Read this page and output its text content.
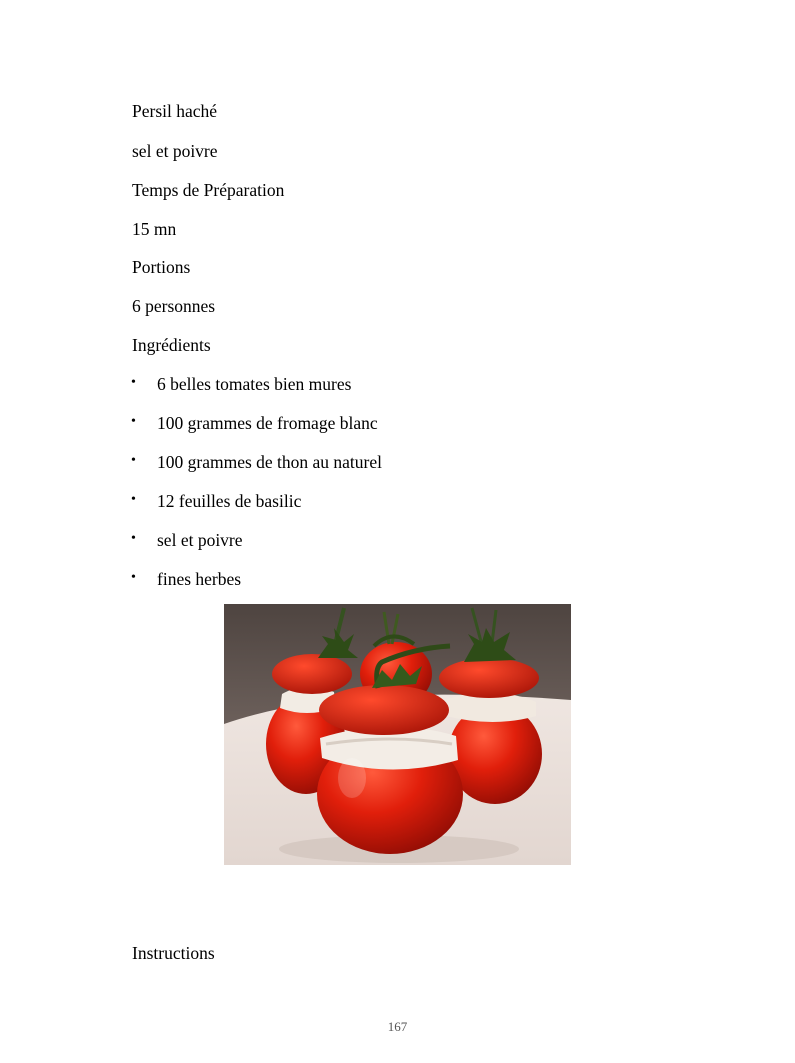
Persil haché
sel et poivre
Temps de Préparation
15 mn
Portions
6 personnes
Ingrédients
• 6 belles tomates bien mures
• 100 grammes de fromage blanc
• 100 grammes de thon au naturel
• 12 feuilles de basilic
• sel et poivre
• fines herbes
Instructions
167
